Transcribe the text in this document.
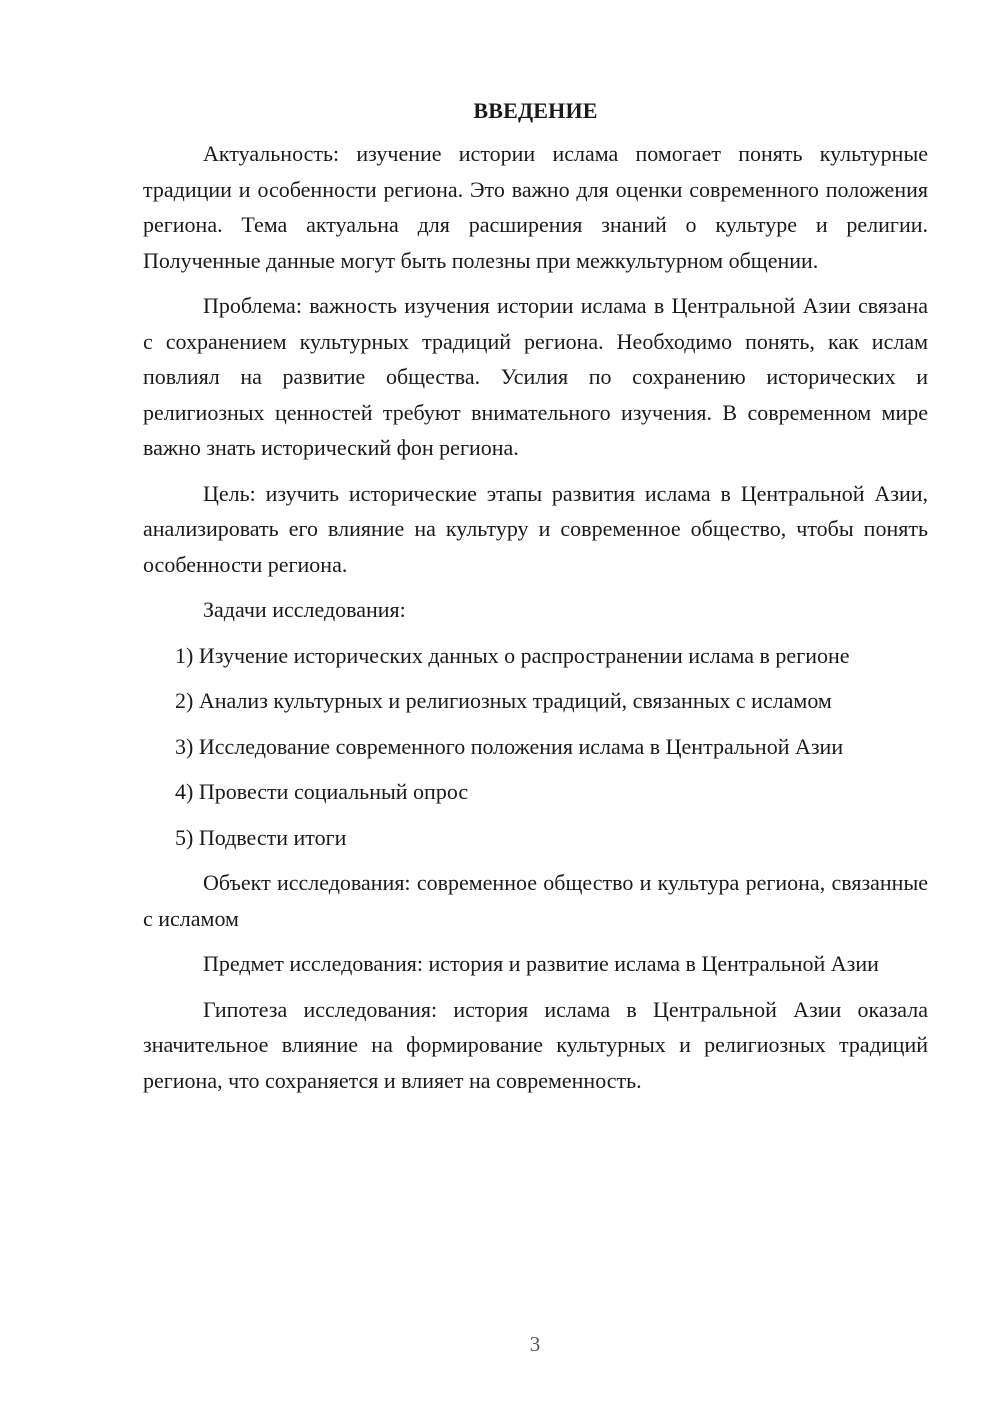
ВВЕДЕНИЕ

Актуальность: изучение истории ислама помогает понять культурные традиции и особенности региона. Это важно для оценки современного положения региона. Тема актуальна для расширения знаний о культуре и религии. Полученные данные могут быть полезны при межкультурном общении.

Проблема: важность изучения истории ислама в Центральной Азии связана с сохранением культурных традиций региона. Необходимо понять, как ислам повлиял на развитие общества. Усилия по сохранению исторических и религиозных ценностей требуют внимательного изучения. В современном мире важно знать исторический фон региона.

Цель: изучить исторические этапы развития ислама в Центральной Азии, анализировать его влияние на культуру и современное общество, чтобы понять особенности региона.

Задачи исследования:

1) Изучение исторических данных о распространении ислама в регионе

2) Анализ культурных и религиозных традиций, связанных с исламом

3) Исследование современного положения ислама в Центральной Азии

4) Провести социальный опрос

5) Подвести итоги

Объект исследования: современное общество и культура региона, связанные с исламом

Предмет исследования: история и развитие ислама в Центральной Азии

Гипотеза исследования: история ислама в Центральной Азии оказала значительное влияние на формирование культурных и религиозных традиций региона, что сохраняется и влияет на современность.

3
